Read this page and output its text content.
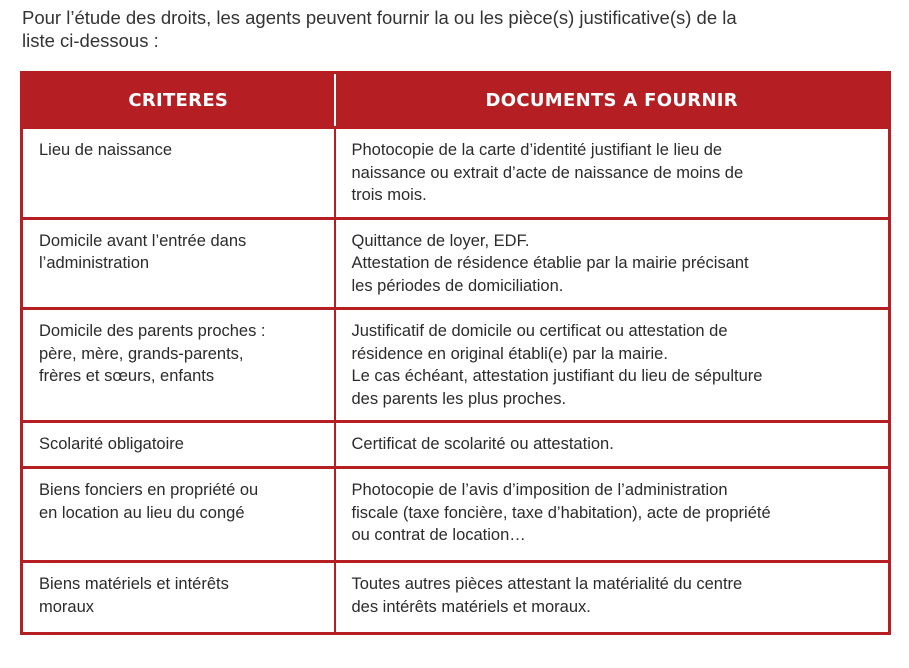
Pour l’étude des droits, les agents peuvent fournir la ou les pièce(s) justificative(s) de la
liste ci-dessous :

CRITERES	DOCUMENTS A FOURNIR

Lieu de naissance	Photocopie de la carte d’identité justifiant le lieu de
naissance ou extrait d’acte de naissance de moins de
trois mois.

Domicile avant l’entrée dans
l’administration	Quittance de loyer, EDF.
Attestation de résidence établie par la mairie précisant
les périodes de domiciliation.

Domicile des parents proches :
père, mère, grands-parents,
frères et sœurs, enfants	Justificatif de domicile ou certificat ou attestation de
résidence en original établi(e) par la mairie.
Le cas échéant, attestation justifiant du lieu de sépulture
des parents les plus proches.

Scolarité obligatoire	Certificat de scolarité ou attestation.

Biens fonciers en propriété ou
en location au lieu du congé	Photocopie de l’avis d’imposition de l’administration
fiscale (taxe foncière, taxe d’habitation), acte de propriété
ou contrat de location…

Biens matériels et intérêts
moraux	Toutes autres pièces attestant la matérialité du centre
des intérêts matériels et moraux.
